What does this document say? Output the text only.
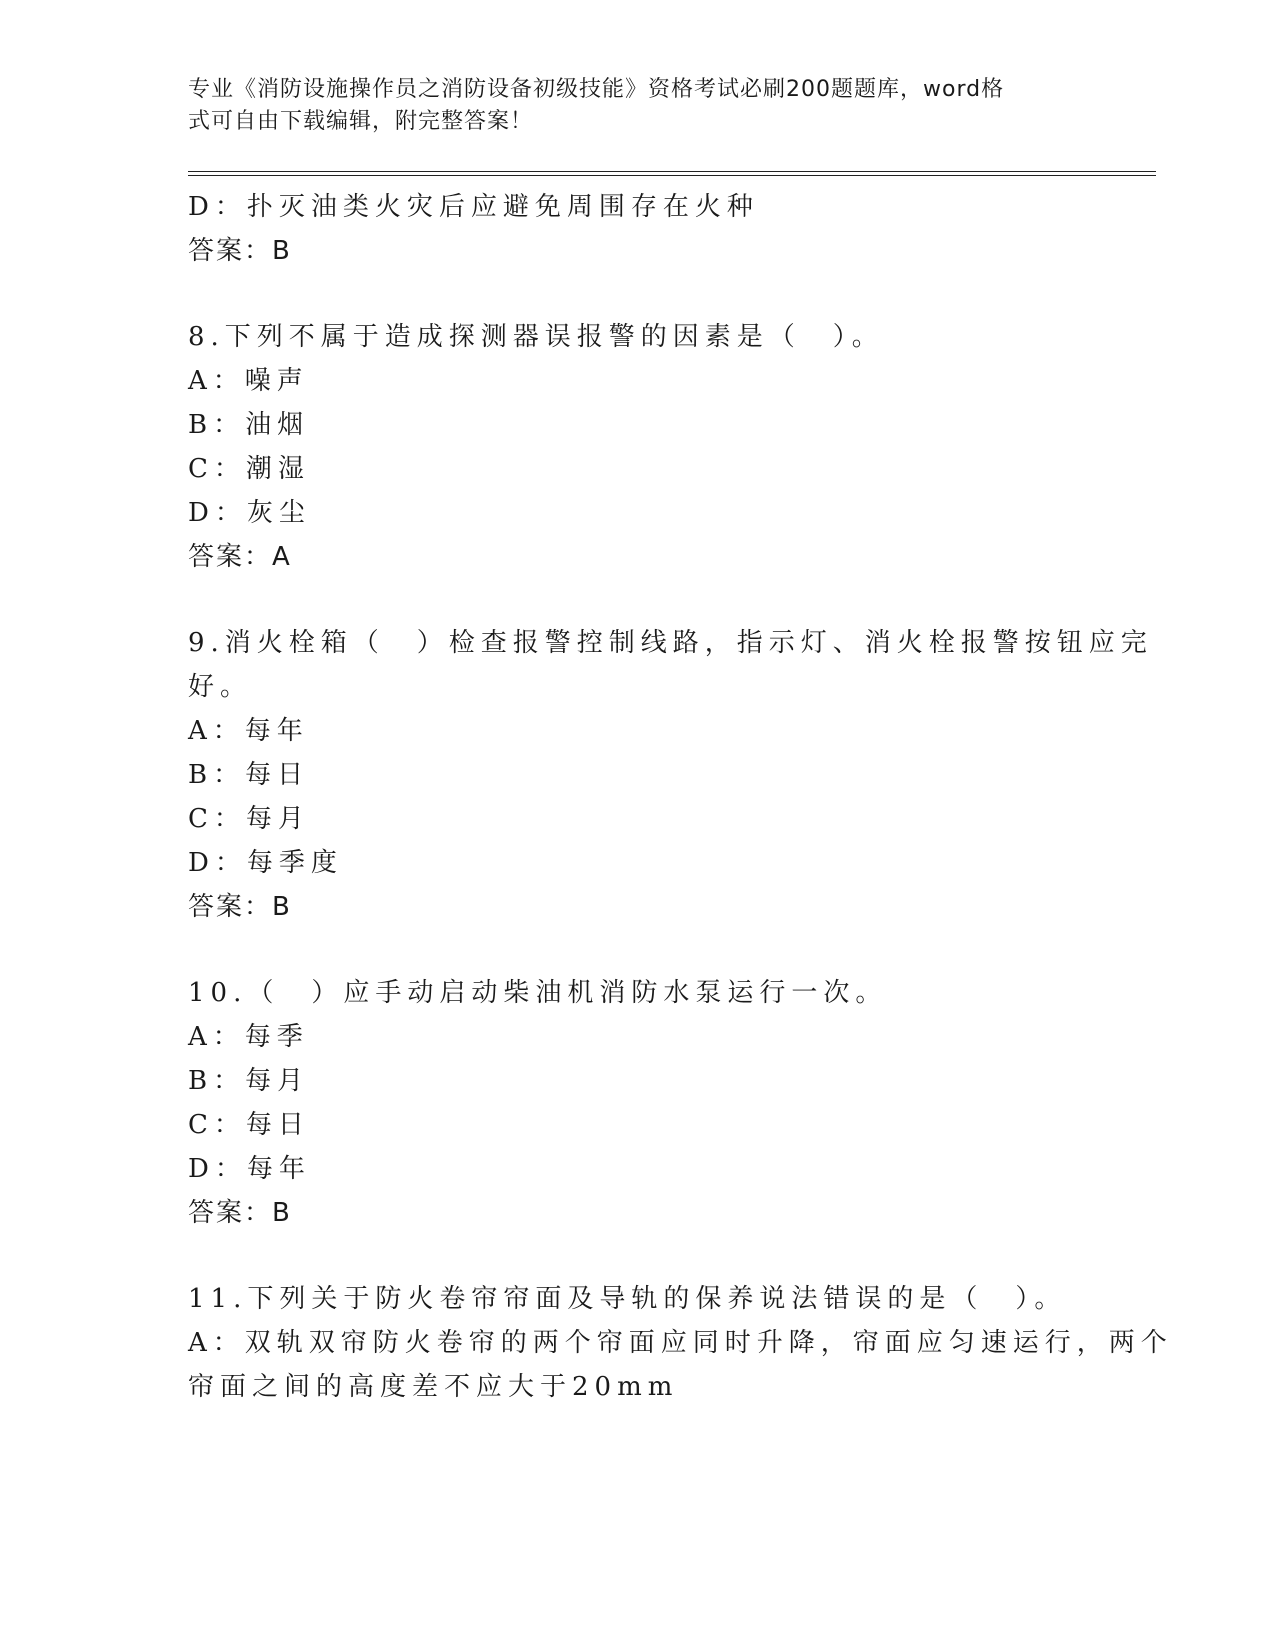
专业《消防设施操作员之消防设备初级技能》资格考试必刷200题题库，word格
式可自由下载编辑，附完整答案！
D：扑灭油类火灾后应避免周围存在火种
答案：B
8.下列不属于造成探测器误报警的因素是（　）。
A：噪声
B：油烟
C：潮湿
D：灰尘
答案：A
9.消火栓箱（　）检查报警控制线路，指示灯、消火栓报警按钮应完
好。
A：每年
B：每日
C：每月
D：每季度
答案：B
10.（　）应手动启动柴油机消防水泵运行一次。
A：每季
B：每月
C：每日
D：每年
答案：B
11.下列关于防火卷帘帘面及导轨的保养说法错误的是（　）。
A：双轨双帘防火卷帘的两个帘面应同时升降，帘面应匀速运行，两个
帘面之间的高度差不应大于20mm
